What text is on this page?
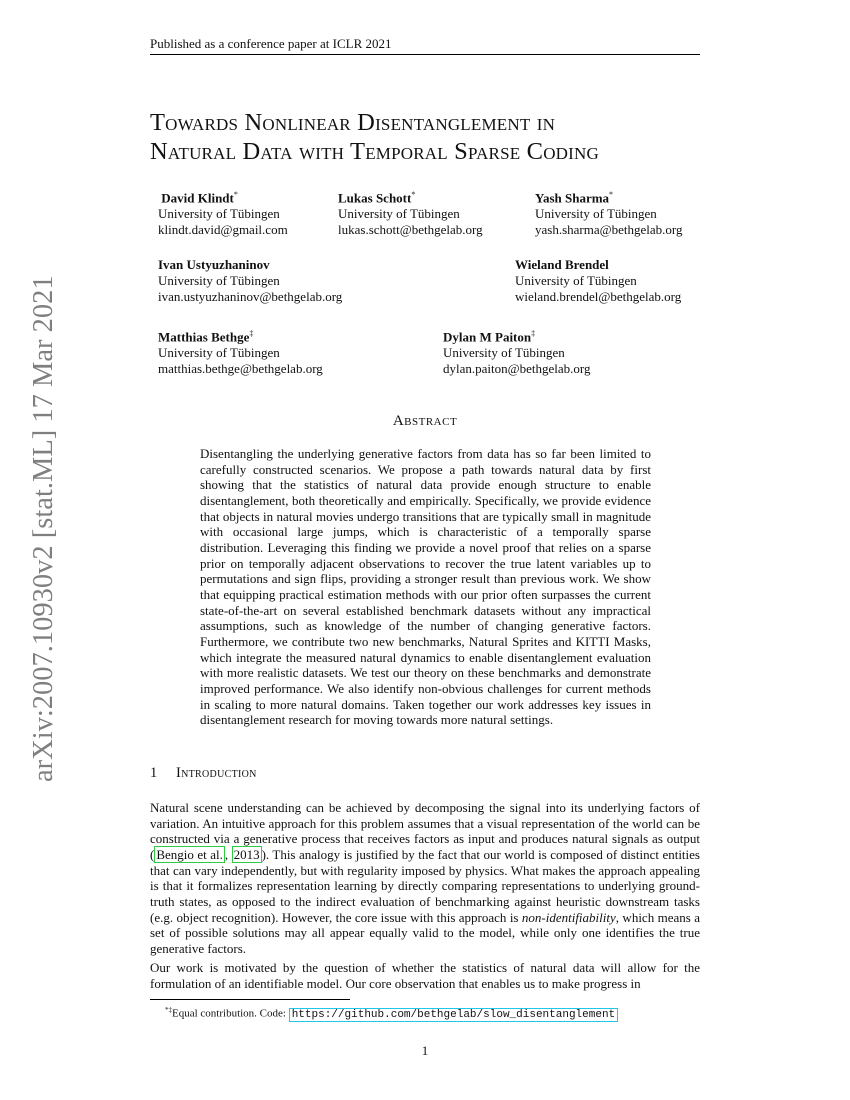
Published as a conference paper at ICLR 2021
arXiv:2007.10930v2 [stat.ML] 17 Mar 2021
Towards Nonlinear Disentanglement in
Natural Data with Temporal Sparse Coding
David Klindt*
University of Tübingen
klindt.david@gmail.com
Lukas Schott*
University of Tübingen
lukas.schott@bethgelab.org
Yash Sharma*
University of Tübingen
yash.sharma@bethgelab.org
Ivan Ustyuzhaninov
University of Tübingen
ivan.ustyuzhaninov@bethgelab.org
Wieland Brendel
University of Tübingen
wieland.brendel@bethgelab.org
Matthias Bethge‡
University of Tübingen
matthias.bethge@bethgelab.org
Dylan M Paiton‡
University of Tübingen
dylan.paiton@bethgelab.org
Abstract
Disentangling the underlying generative factors from data has so far been limited to carefully constructed scenarios. We propose a path towards natural data by first showing that the statistics of natural data provide enough structure to enable disentanglement, both theoretically and empirically. Specifically, we provide evidence that objects in natural movies undergo transitions that are typically small in magnitude with occasional large jumps, which is characteristic of a temporally sparse distribution. Leveraging this finding we provide a novel proof that relies on a sparse prior on temporally adjacent observations to recover the true latent variables up to permutations and sign flips, providing a stronger result than previous work. We show that equipping practical estimation methods with our prior often surpasses the current state-of-the-art on several established benchmark datasets without any impractical assumptions, such as knowledge of the number of changing generative factors. Furthermore, we contribute two new benchmarks, Natural Sprites and KITTI Masks, which integrate the measured natural dynamics to enable disentanglement evaluation with more realistic datasets. We test our theory on these benchmarks and demonstrate improved performance. We also identify non-obvious challenges for current methods in scaling to more natural domains. Taken together our work addresses key issues in disentanglement research for moving towards more natural settings.
1 Introduction
Natural scene understanding can be achieved by decomposing the signal into its underlying factors of variation. An intuitive approach for this problem assumes that a visual representation of the world can be constructed via a generative process that receives factors as input and produces natural signals as output ( Bengio et al. , 2013 ). This analogy is justified by the fact that our world is composed of distinct entities that can vary independently, but with regularity imposed by physics. What makes the approach appealing is that it formalizes representation learning by directly comparing representations to underlying ground-truth states, as opposed to the indirect evaluation of benchmarking against heuristic downstream tasks (e.g. object recognition). However, the core issue with this approach is non-identifiability, which means a set of possible solutions may all appear equally valid to the model, while only one identifies the true generative factors.
Our work is motivated by the question of whether the statistics of natural data will allow for the formulation of an identifiable model. Our core observation that enables us to make progress in
*‡Equal contribution. Code: https://github.com/bethgelab/slow_disentanglement
1
